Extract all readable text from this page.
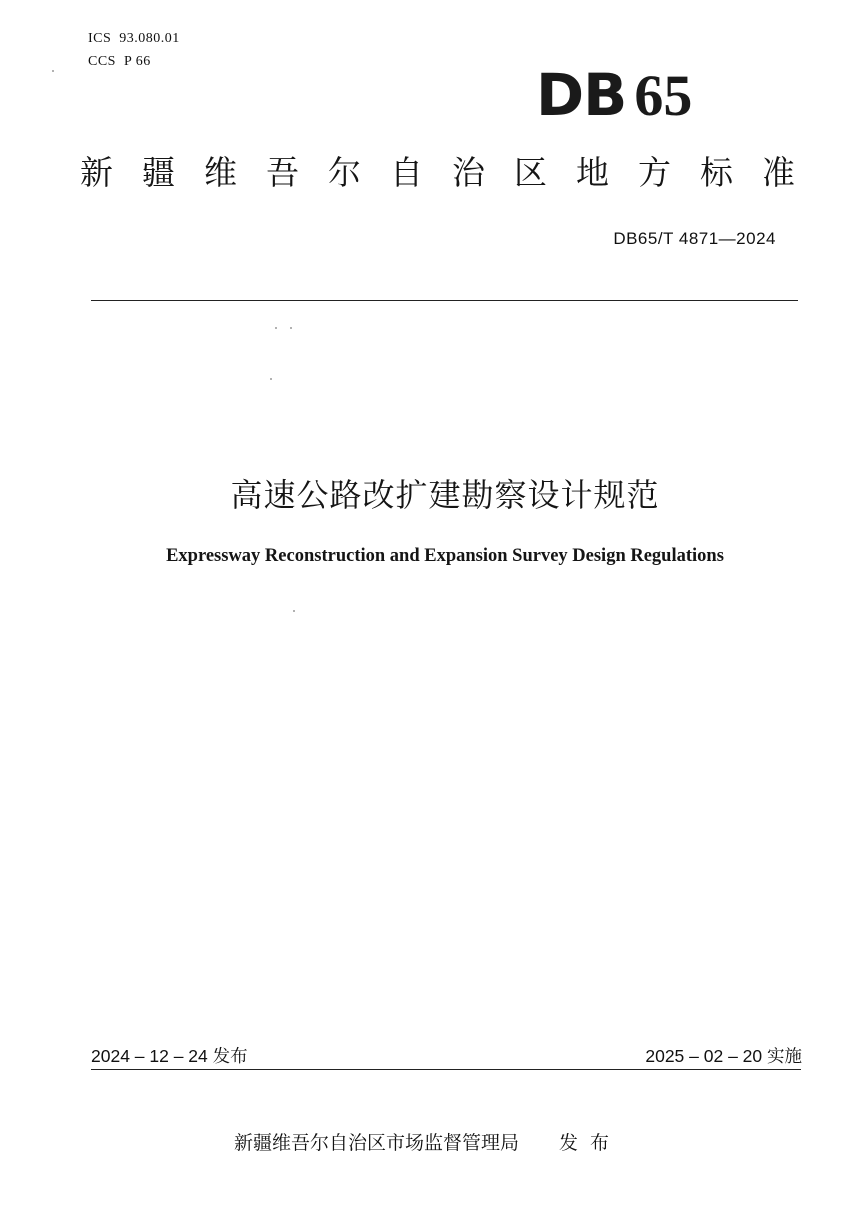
ICS 93.080.01
CCS P 66	DB 65
新 疆 维 吾 尔 自 治 区 地 方 标 准
DB65/T 4871—2024
高速公路改扩建勘察设计规范
Expressway Reconstruction and Expansion Survey Design Regulations
2024 – 12 – 24 发布	2025 – 02 – 20 实施
新疆维吾尔自治区市场监督管理局 发布
